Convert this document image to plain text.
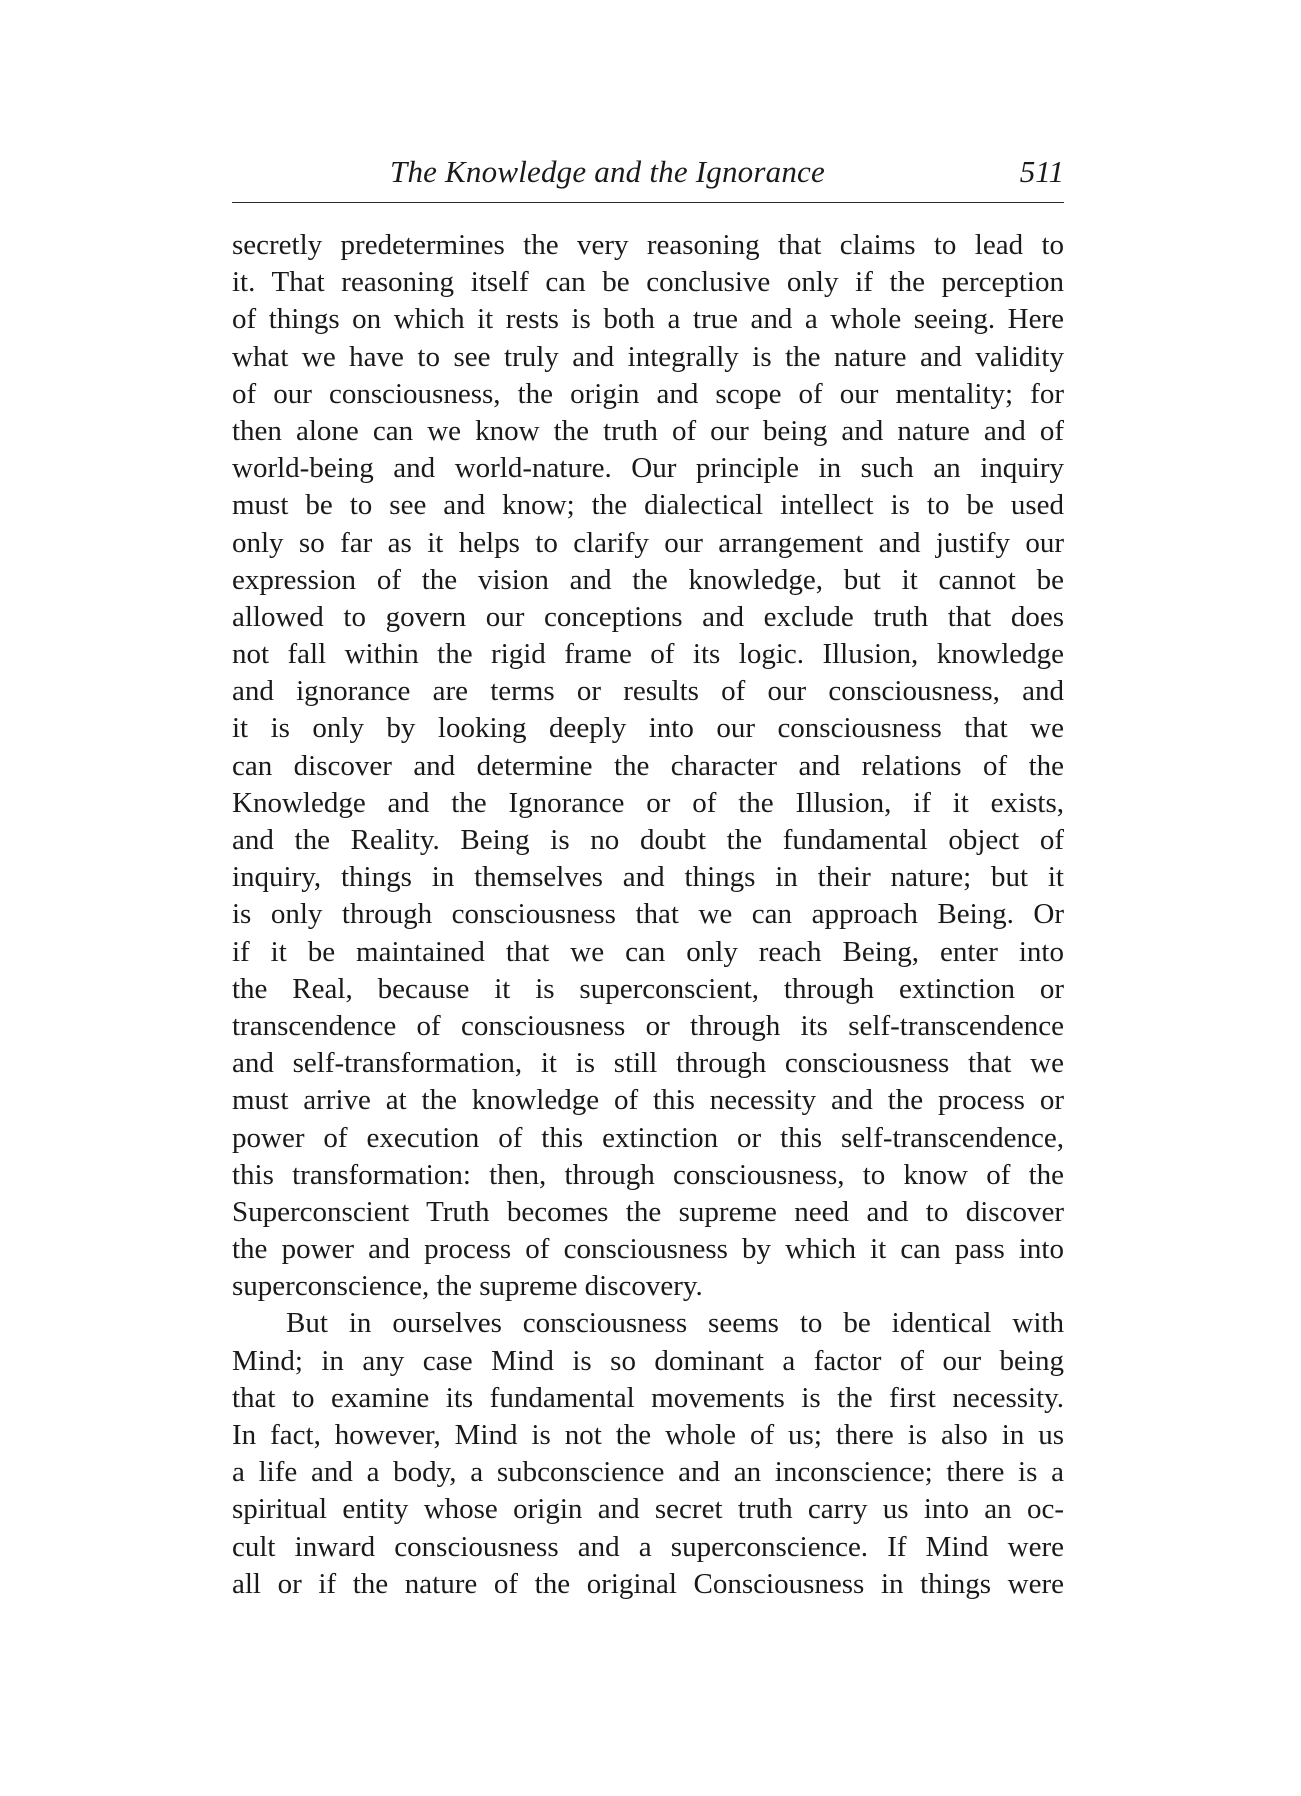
The Knowledge and the Ignorance	511
secretly predetermines the very reasoning that claims to lead to
it. That reasoning itself can be conclusive only if the perception
of things on which it rests is both a true and a whole seeing. Here
what we have to see truly and integrally is the nature and validity
of our consciousness, the origin and scope of our mentality; for
then alone can we know the truth of our being and nature and of
world-being and world-nature. Our principle in such an inquiry
must be to see and know; the dialectical intellect is to be used
only so far as it helps to clarify our arrangement and justify our
expression of the vision and the knowledge, but it cannot be
allowed to govern our conceptions and exclude truth that does
not fall within the rigid frame of its logic. Illusion, knowledge
and ignorance are terms or results of our consciousness, and
it is only by looking deeply into our consciousness that we
can discover and determine the character and relations of the
Knowledge and the Ignorance or of the Illusion, if it exists,
and the Reality. Being is no doubt the fundamental object of
inquiry, things in themselves and things in their nature; but it
is only through consciousness that we can approach Being. Or
if it be maintained that we can only reach Being, enter into
the Real, because it is superconscient, through extinction or
transcendence of consciousness or through its self-transcendence
and self-transformation, it is still through consciousness that we
must arrive at the knowledge of this necessity and the process or
power of execution of this extinction or this self-transcendence,
this transformation: then, through consciousness, to know of the
Superconscient Truth becomes the supreme need and to discover
the power and process of consciousness by which it can pass into
superconscience, the supreme discovery.
But in ourselves consciousness seems to be identical with
Mind; in any case Mind is so dominant a factor of our being
that to examine its fundamental movements is the first necessity.
In fact, however, Mind is not the whole of us; there is also in us
a life and a body, a subconscience and an inconscience; there is a
spiritual entity whose origin and secret truth carry us into an oc-
cult inward consciousness and a superconscience. If Mind were
all or if the nature of the original Consciousness in things were
